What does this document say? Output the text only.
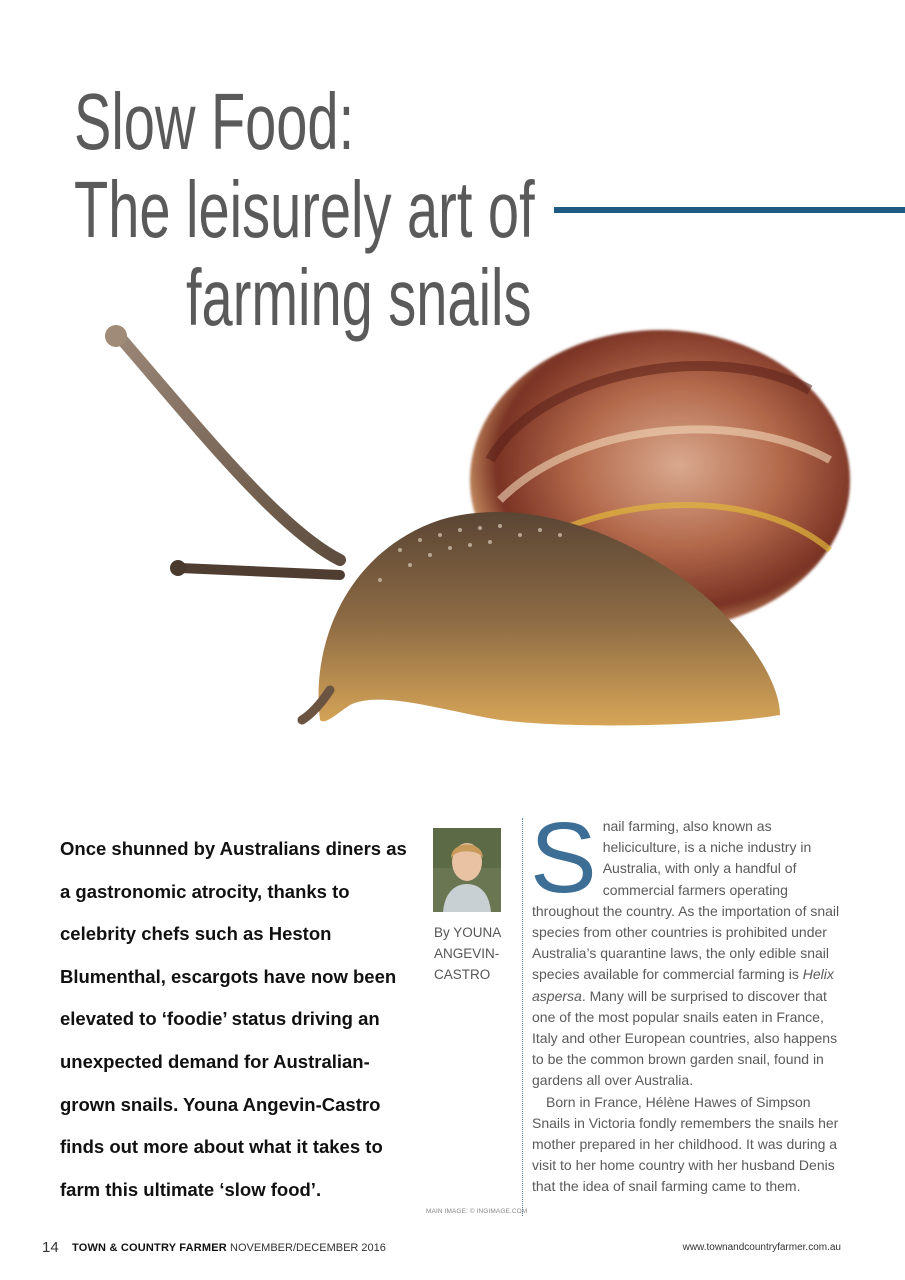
Slow Food:
The leisurely art of
farming snails

Once shunned by Australians diners as a gastronomic atrocity, thanks to celebrity chefs such as Heston Blumenthal, escargots have now been elevated to ‘foodie’ status driving an unexpected demand for Australian-grown snails. Youna Angevin-Castro finds out more about what it takes to farm this ultimate ‘slow food’.

By YOUNA
ANGEVIN-
CASTRO

MAIN IMAGE: © INGIMAGE.COM

Snail farming, also known as heliciculture, is a niche industry in Australia, with only a handful of commercial farmers operating throughout the country. As the importation of snail species from other countries is prohibited under Australia’s quarantine laws, the only edible snail species available for commercial farming is Helix aspersa. Many will be surprised to discover that one of the most popular snails eaten in France, Italy and other European countries, also happens to be the common brown garden snail, found in gardens all over Australia.
Born in France, Hélène Hawes of Simpson Snails in Victoria fondly remembers the snails her mother prepared in her childhood. It was during a visit to her home country with her husband Denis that the idea of snail farming came to them.

14 TOWN & COUNTRY FARMER NOVEMBER/DECEMBER 2016	www.townandcountryfarmer.com.au
